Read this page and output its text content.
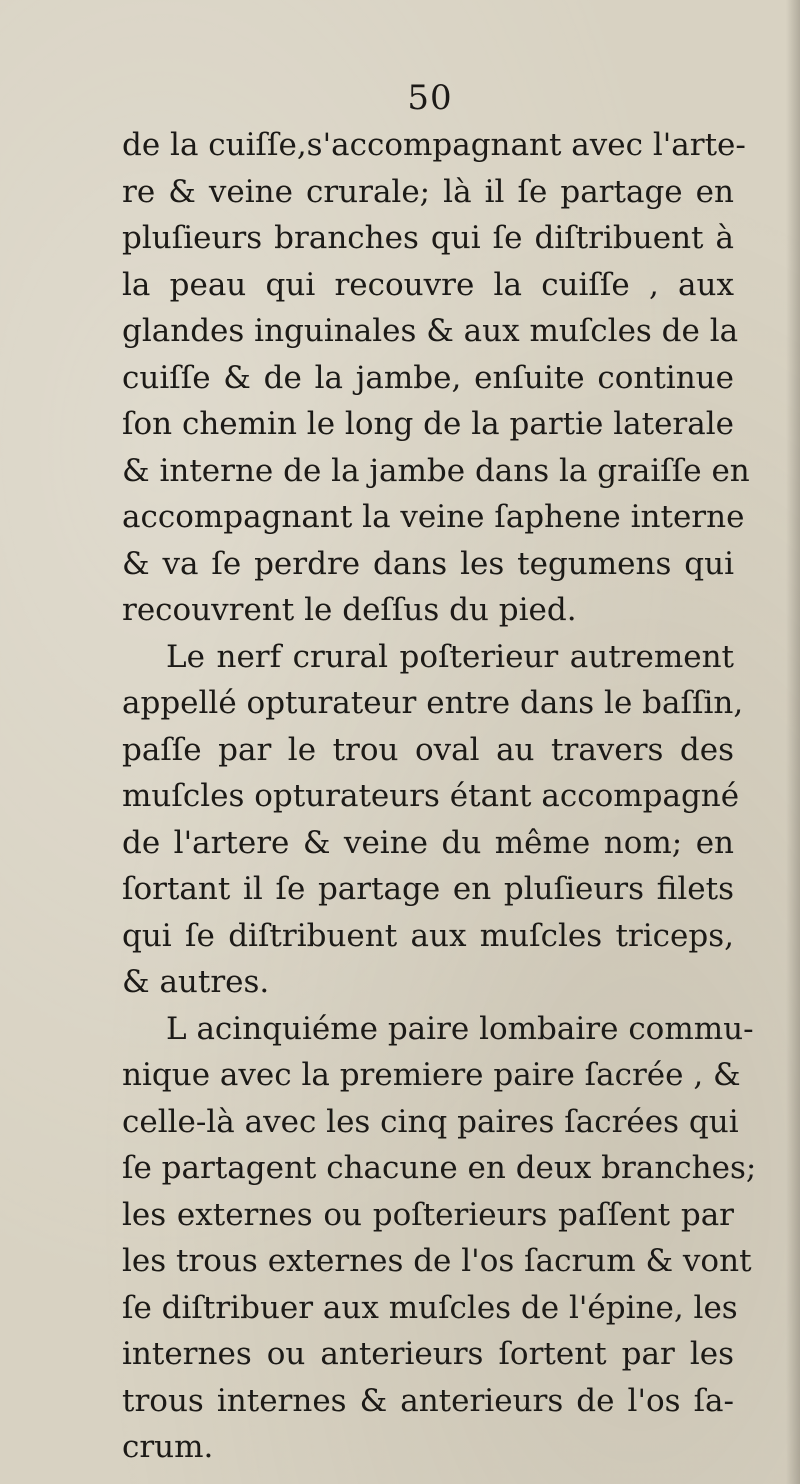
50
de la cuiſſe,s'accompagnant avec l'arte-
re & veine crurale; là il ſe partage en
pluſieurs branches qui ſe diſtribuent à
la peau qui recouvre la cuiſſe , aux
glandes inguinales & aux muſcles de la
cuiſſe & de la jambe, enſuite continue
ſon chemin le long de la partie laterale
& interne de la jambe dans la graiſſe en
accompagnant la veine ſaphene interne
& va ſe perdre dans les tegumens qui
recouvrent le deſſus du pied.
Le nerf crural poſterieur autrement
appellé opturateur entre dans le baſſin,
paſſe par le trou oval au travers des
muſcles opturateurs étant accompagné
de l'artere & veine du même nom; en
ſortant il ſe partage en pluſieurs filets
qui ſe diſtribuent aux muſcles triceps,
& autres.
L acinquiéme paire lombaire commu-
nique avec la premiere paire ſacrée , &
celle-là avec les cinq paires ſacrées qui
ſe partagent chacune en deux branches;
les externes ou poſterieurs paſſent par
les trous externes de l'os ſacrum & vont
ſe diſtribuer aux muſcles de l'épine, les
internes ou anterieurs ſortent par les
trous internes & anterieurs de l'os ſa-
crum.
